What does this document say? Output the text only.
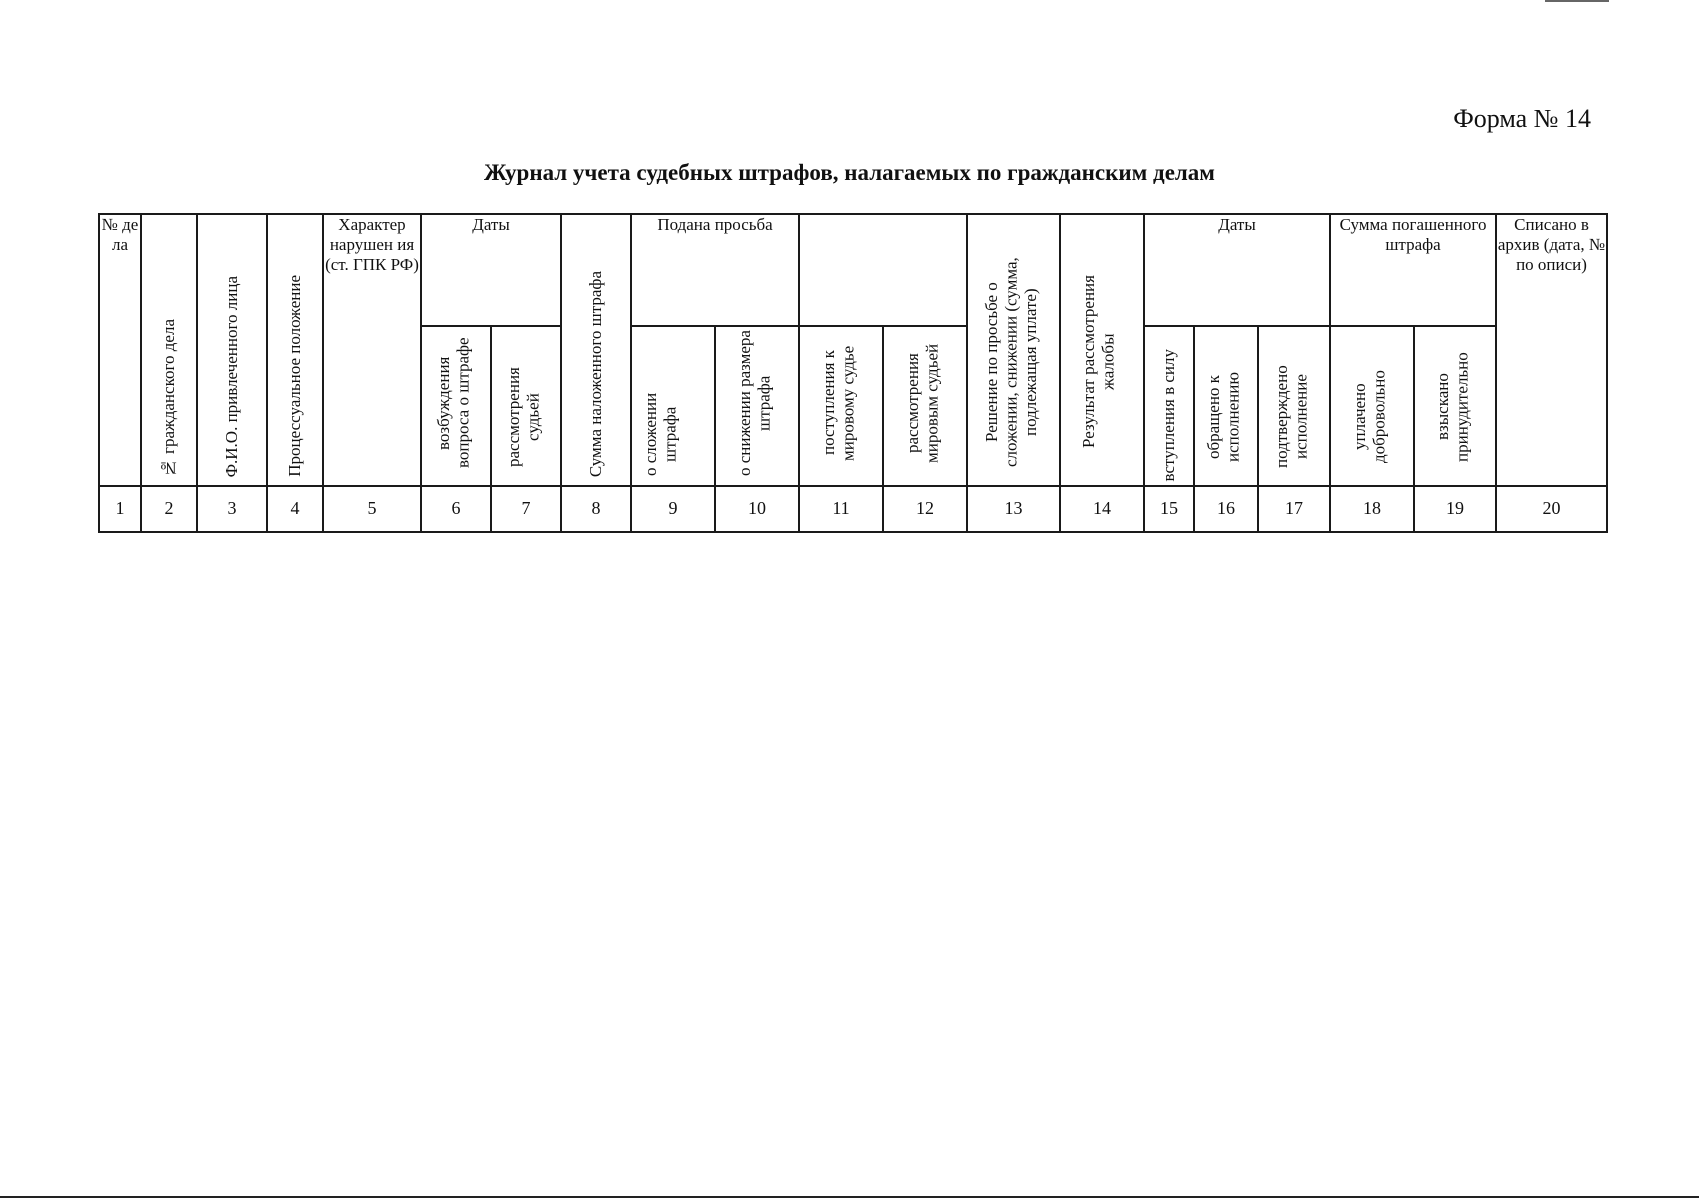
Форма № 14
Журнал учета судебных штрафов, налагаемых по гражданским делам
№ де ла	№ гражданского дела	Ф.И.О. привлеченного лица	Процессуальное положение	Характер нарушен ия (ст. ГПК РФ)	Даты		Сумма наложенного штрафа	Подана просьба				Решение по просьбе о сложении, снижении (сумма, подлежащая уплате)	Результат рассмотрения жалобы	Даты			Сумма погашенного штрафа		Списано в архив (дата, № по описи)

					возбуждения вопроса о штрафе	рассмотрения судьей		о сложении штрафа	о снижении размера штрафа	поступления к мировому судье	рассмотрения мировым судьей			вступления в силу	обращено к исполнению	подтверждено исполнение	уплачено добровольно	взыскано принудительно	

1	2	3	4	5	6	7	8	9	10	11	12	13	14	15	16	17	18	19	20
